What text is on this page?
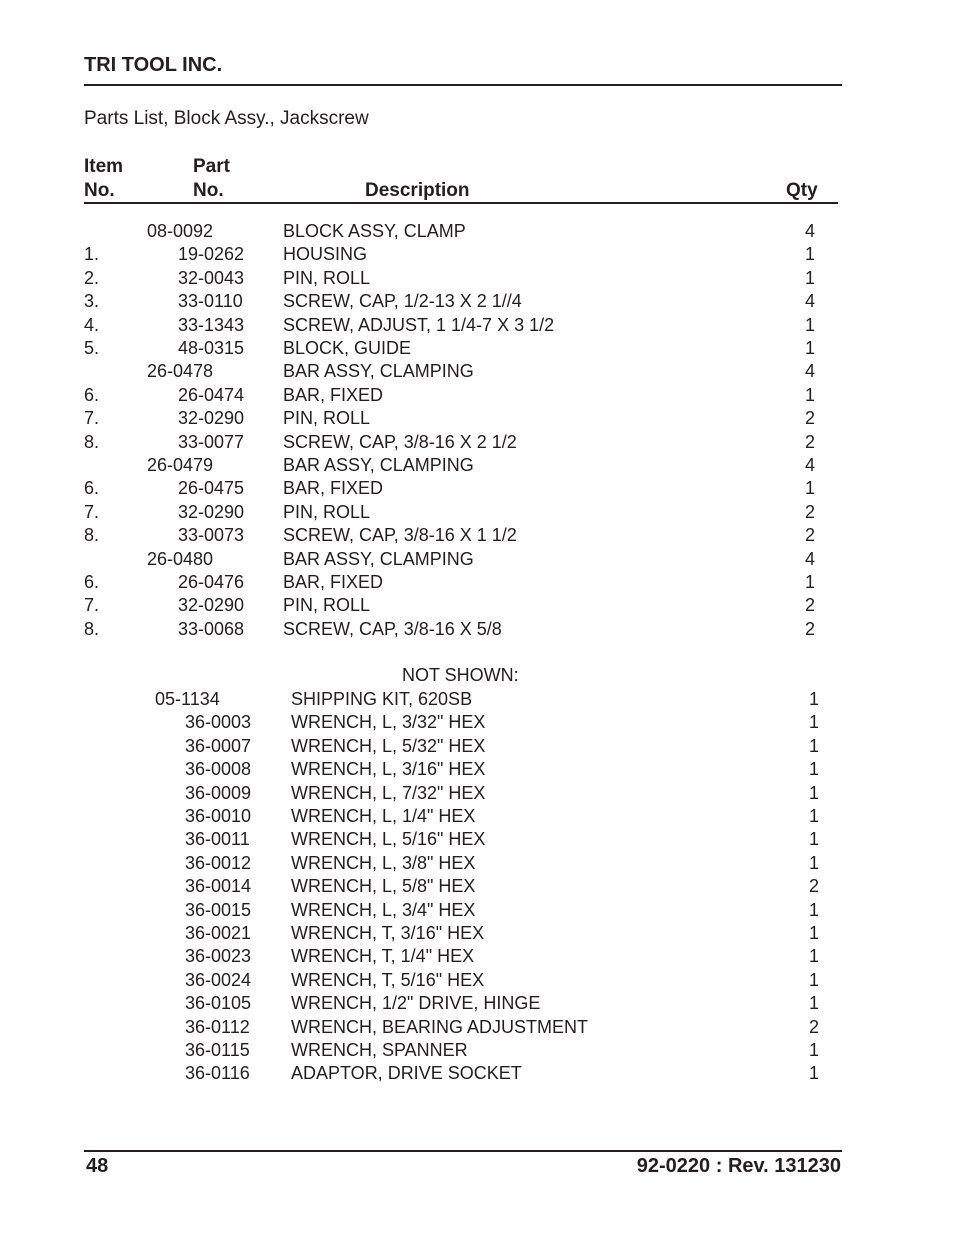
TRI TOOL INC.
Parts List, Block Assy., Jackscrew
Item
No.
Part
No.	Description	Qty
08-0092	BLOCK ASSY, CLAMP	4
1.	19-0262 HOUSING	1
2.	32-0043 PIN, ROLL	1
3.	33-0110 SCREW, CAP, 1/2-13 X 2 1//4	4
4.	33-1343 SCREW, ADJUST, 1 1/4-7 X 3 1/2	1
5.	48-0315 BLOCK, GUIDE	1
26-0478	BAR ASSY, CLAMPING	4
6.	26-0474 BAR, FIXED	1
7.	32-0290 PIN, ROLL	2
8.	33-0077 SCREW, CAP, 3/8-16 X 2 1/2	2
26-0479	BAR ASSY, CLAMPING	4
6.	26-0475 BAR, FIXED	1
7.	32-0290 PIN, ROLL	2
8.	33-0073 SCREW, CAP, 3/8-16 X 1 1/2	2
26-0480	BAR ASSY, CLAMPING	4
6.	26-0476 BAR, FIXED	1
7.	32-0290 PIN, ROLL	2
8.	33-0068 SCREW, CAP, 3/8-16 X 5/8	2
NOT SHOWN:
05-1134	SHIPPING KIT, 620SB	1
36-0003 WRENCH, L, 3/32" HEX	1
36-0007 WRENCH, L, 5/32" HEX	1
36-0008 WRENCH, L, 3/16" HEX	1
36-0009 WRENCH, L, 7/32" HEX	1
36-0010 WRENCH, L, 1/4" HEX	1
36-0011 WRENCH, L, 5/16" HEX	1
36-0012 WRENCH, L, 3/8" HEX	1
36-0014 WRENCH, L, 5/8" HEX	2
36-0015 WRENCH, L, 3/4" HEX	1
36-0021 WRENCH, T, 3/16" HEX	1
36-0023 WRENCH, T, 1/4" HEX	1
36-0024 WRENCH, T, 5/16" HEX	1
36-0105 WRENCH, 1/2" DRIVE, HINGE	1
36-0112 WRENCH, BEARING ADJUSTMENT	2
36-0115 WRENCH, SPANNER	1
36-0116 ADAPTOR, DRIVE SOCKET	1
48	92-0220 : Rev. 131230
